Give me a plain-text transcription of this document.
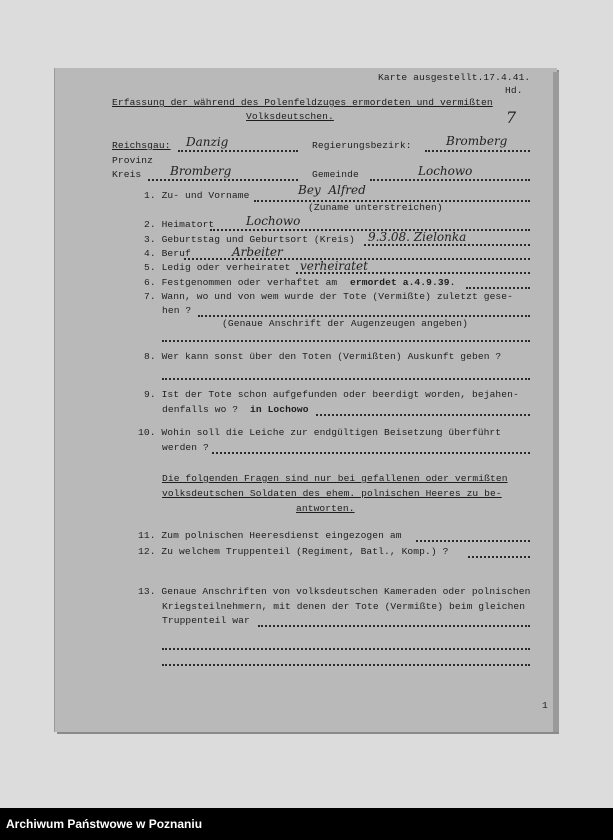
Karte ausgestellt.17.4.41.
Hd.
Erfassung der während des Polenfeldzuges ermordeten und vermißten
Volksdeutschen.	7
Reichsgau: Danzig	Regierungsbezirk:	Bromberg
Provinz
Kreis Bromberg	Gemeinde	Lochowo
1. Zu- und Vorname	Bey  Alfred
(Zuname unterstreichen)
2. Heimatort	Lochowo
3. Geburtstag und Geburtsort (Kreis) 9.3.08. Zielonka
4. Beruf	Arbeiter
5. Ledig oder verheiratet verheiratet
6. Festgenommen oder verhaftet am ermordet a.4.9.39.
7. Wann, wo und von wem wurde der Tote (Vermißte) zuletzt gese-
hen ?
(Genaue Anschrift der Augenzeugen angeben)
8. Wer kann sonst über den Toten (Vermißten) Auskunft geben ?
9. Ist der Tote schon aufgefunden oder beerdigt worden, bejahen-
denfalls wo ? in Lochowo
10. Wohin soll die Leiche zur endgültigen Beisetzung überführt
werden ?
Die folgenden Fragen sind nur bei gefallenen oder vermißten
volksdeutschen Soldaten des ehem. polnischen Heeres zu be-
antworten.
11. Zum polnischen Heeresdienst eingezogen am
12. Zu welchem Truppenteil (Regiment, Batl., Komp.) ?
13. Genaue Anschriften von volksdeutschen Kameraden oder polnischen
Kriegsteilnehmern, mit denen der Tote (Vermißte) beim gleichen
Truppenteil war
1
Archiwum Państwowe w Poznaniu
